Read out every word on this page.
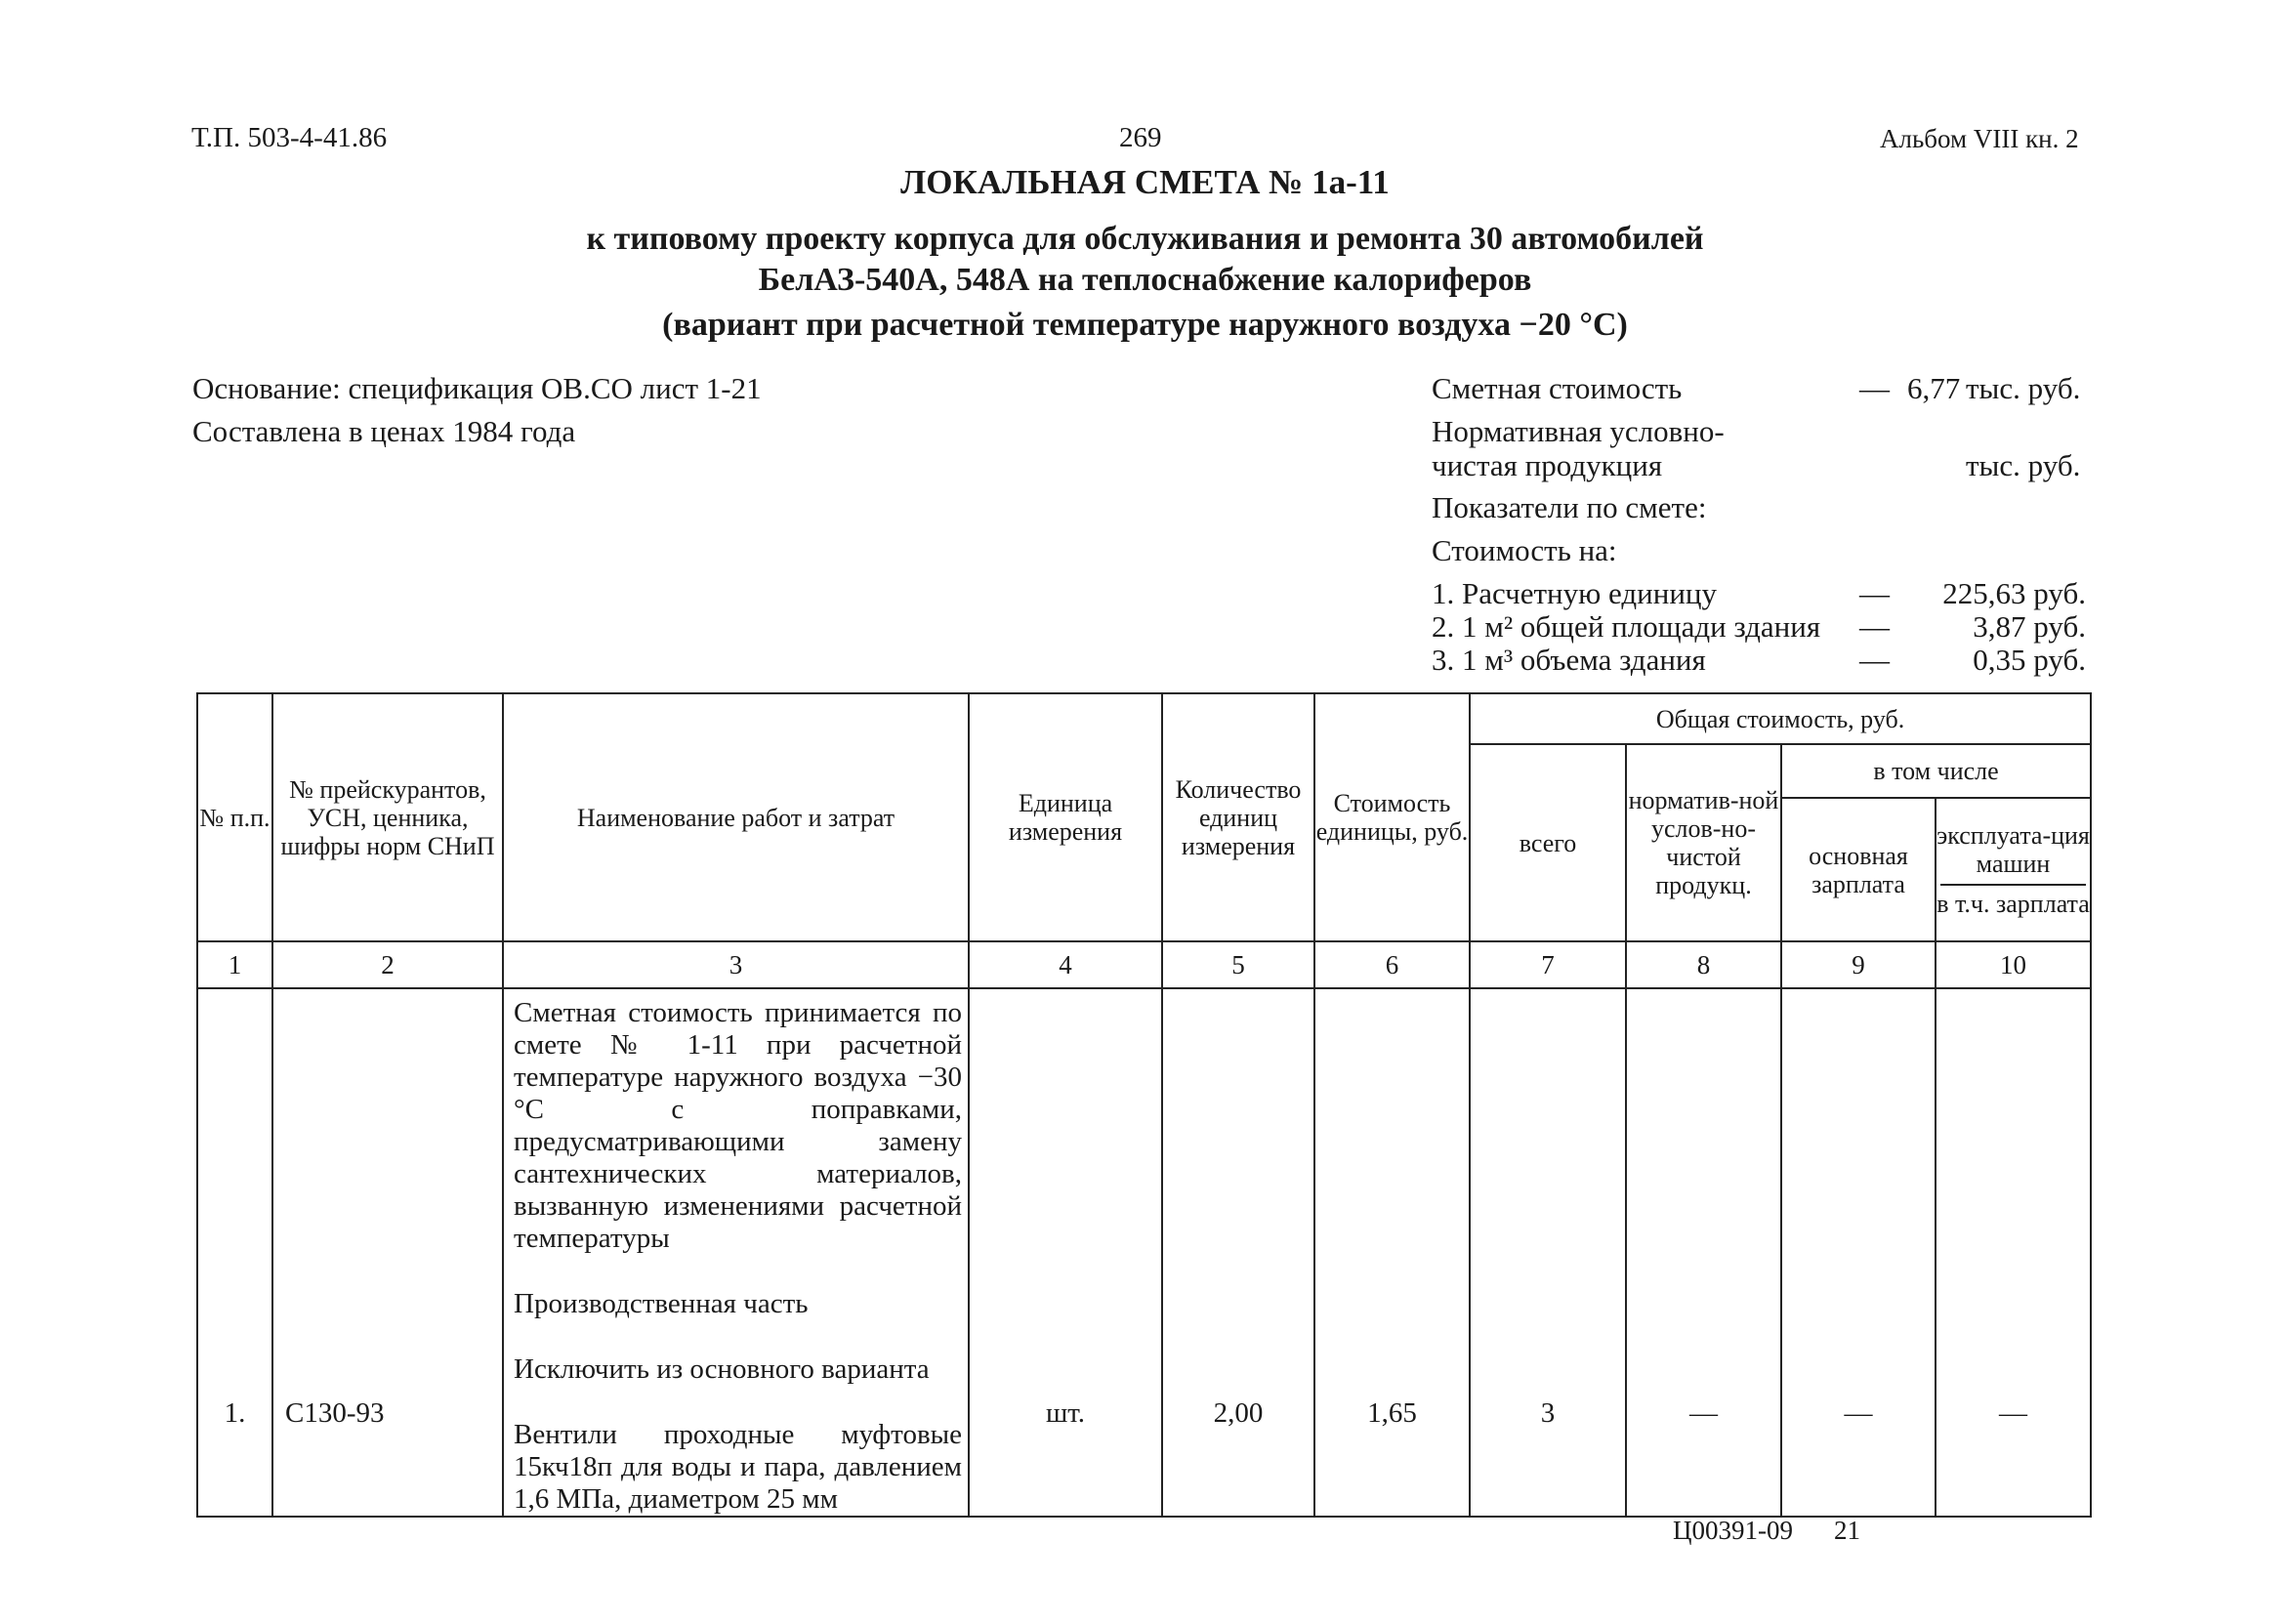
Т.П. 503-4-41.86	269	Альбом VIII кн. 2
ЛОКАЛЬНАЯ СМЕТА № 1а-11
к типовому проекту корпуса для обслуживания и ремонта 30 автомобилей
БелАЗ-540А, 548А на теплоснабжение калориферов
(вариант при расчетной температуре наружного воздуха −20 °С)
Основание: спецификация ОВ.СО лист 1-21
Составлена в ценах 1984 года
Сметная стоимость	— 6,77 тыс. руб.
Нормативная условно-
чистая продукция	тыс. руб.
Показатели по смете:
Стоимость на:
1. Расчетную единицу	—	225,63 руб.
2. 1 м² общей площади здания —	3,87 руб.
3. 1 м³ объема здания	—	0,35 руб.
№ п.п.	№ прейскурантов, УСН, ценника, шифры норм СНиП	Наименование работ и затрат	Единица измерения	Количество единиц измерения	Стоимость единицы, руб.	Общая стоимость, руб.			
						всего	норматив-ной услов-но-чистой продукц.	в том числе	
								основная зарплата	эксплуата-ция машин
в т.ч. зарплата

1	2	3	4	5	6	7	8	9	10

1.	С130-93	Сметная стоимость принимается по смете № 1-11 при расчетной температуре наружного воздуха −30 °С с поправками, предусматривающими замену сантехнических материалов, вызванную изменениями расчетной температуры

Производственная часть

Исключить из основного варианта

Вентили проходные муфтовые 15кч18п для воды и пара, давлением 1,6 МПа, диаметром 25 мм	шт.	2,00	1,65	3	—	—	—
Ц00391-09 21
